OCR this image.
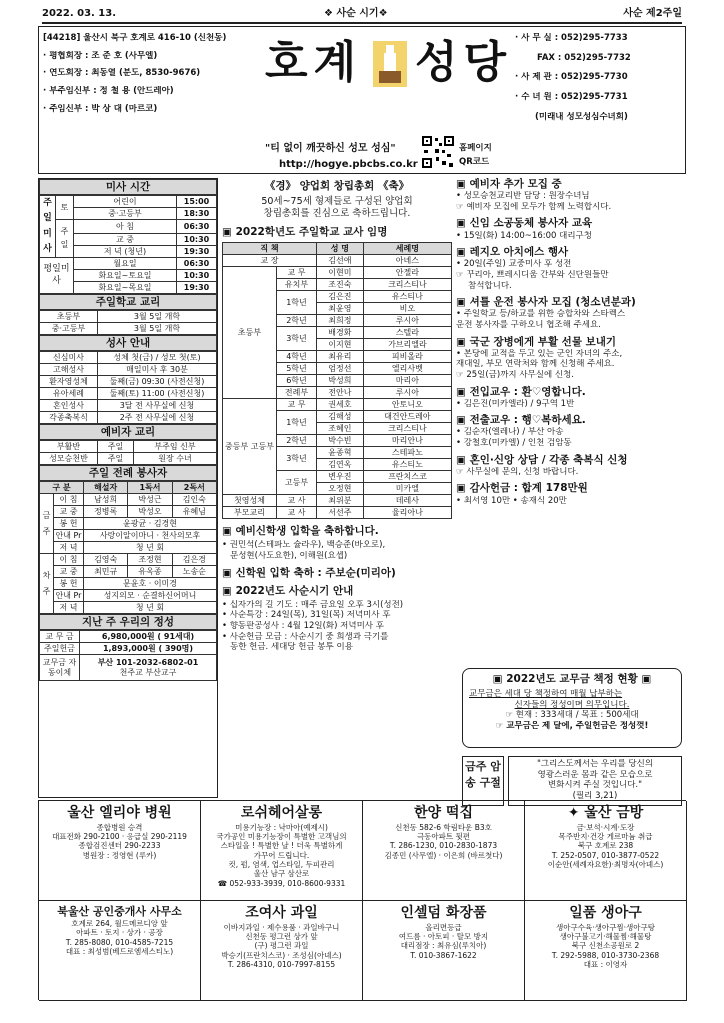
2022. 03. 13.	❖ 사순 시기❖	사순 제2주일
[44218] 울산시 북구 호계로 416-10 (신천동)
· 평협회장 : 조 준 호 (사무엘)
· 연도회장 : 최동열 (분도, 8530-9676)
· 부주임신부 : 정 철 용 (안드레아)
· 주임신부 : 박 상 대 (마르코)
호계 성당
"티 없이 깨끗하신 성모 성심"
http://hogye.pbcbs.co.kr
홈페이지
QR코드
· 사 무 실 : 052)295-7733
FAX : 052)295-7732
· 사 제 관 : 052)295-7730
· 수 녀 원 : 052)295-7731
(미래내 성모성심수녀회)
미사 시간
주일미사	토	어린이	15:00
		중·고등부	18:30
	주일	아 침	06:30
		교 중	10:30
		저 녁 (청년)	19:30
평일미사		월요일	06:30
		화요일~토요일	10:30
		화요일~목요일	19:30
주일학교 교리
초등부	3월 5일 개학
중·고등부	3월 5일 개학
성사 안내
신심미사	성체 첫(금) / 성모 첫(토)
고해성사	매일미사 후 30분
환자영성체	둘째(금) 09:30 (사전신청)
유아세례	둘째(토) 11:00 (사전신청)
혼인성사	3달 전 사무실에 신청
각종축복식	2주 전 사무실에 신청
예비자 교리
부활반	주일	부주임 신부
성모승천반	주일	원장 수녀
주일 전례 봉사자
구 분		해설자	1독서	2독서
금주	이 침	남성희	박성근	김인숙
	교 중	정병록	박성오	유혜님
	봉 헌	윤광균 · 김경현		
	안내 Pr	사랑이알이마니 · 천사의모후		
	저 녁	청 년 회		
차주	이 침	김영숙	조정현	김은경
	교 중	최민규	유옥종	노송순
	봉 헌	문윤호 · 이미경		
	안내 Pr	성지의모 · 순결하신어머니		
	저 녁	청 년 회		
지난 주 우리의 정성
교 무 금	6,980,000원 ( 91세대)
주일헌금	1,893,000원 ( 390명)
교무금 자동이체	부산 101-2032-6802-01
천주교 부산교구
《경》 양업회 창립총회 《축》
50세~75세 형제들로 구성된 양업회
창립총회를 진심으로 축하드립니다.
▣ 2022학년도 주일학교 교사 임명
직 책		성 명	세례명
교 장		김선애	아녜스
초등부	교 무	이현미	안젤라
	유치부	조진숙	크리스티나
	1학년	김은진	유스티나
		최윤영	비오
	2학년	최희정	루시아
	3학년	배경화	스텔라
		이지현	가브리엘라
	4학년	최유리	피비올라
	5학년	엄정선	엘리사벳
	6학년	박성희	마리아
	전례부	전안나	루시아
중등부 고등부	교 무	권세호	안토니오
	1학년	김해성	대건안드레아
		조혜인	크리스티나
	2학년	박수빈	마리안나
	3학년	윤종혁	스테파노
		김연옥	유스티노
	고등부	변우진	프란치스코
		오정현	미카엘
첫영성체	교 사	최위분	데레사
부모교리	교 사	서선주	율리아나
▣ 예비신학생 입학을 축하합니다.
• 권민석(스테파노 슐라우), 백승준(바오로),
문성현(사도요한), 이해원(요셉)
▣ 신학원 입학 축하 : 주보순(미리아)
▣ 2022년도 사순시기 안내
• 십자가의 길 기도 : 매주 금요일 오후 3시(성전)
• 사순특강 : 24일(목), 31일(목) 저녁미사 후
• 향동판공성사 : 4월 12일(화) 저녁미사 후
• 사순헌금 모금 : 사순시기 중 희생과 극기를
동한 헌금. 세대당 헌금 봉투 이용
▣ 예비자 추가 모집 중
• 성모승천교리반 담당 : 원장수녀님
☞ 예비자 모집에 모두가 함께 노력합시다.
▣ 신임 소공동체 봉사자 교육
• 15일(화) 14:00~16:00 대리구청
▣ 레지오 아치에스 행사
• 20일(주일) 교중미사 후 성전
☞ 꾸리아, 쁘레시디움 간부와 신단원들만
참석합니다.
▣ 셔틀 운전 봉사자 모집 (청소년분과)
• 주일학교 등/하교를 위한 승합차와 스타렉스
운전 봉사자를 구하오니 협조해 주세요.
▣ 국군 장병에게 부활 선물 보내기
• 본당에 교적을 두고 있는 군인 자녀의 주소,
재대일, 부모 연락처와 함께 신청해 주세요.
☞ 25일(금)까지 사무실에 신청.
▣ 전입교우 : 환♡영합니다.
• 김은진(미카엘라) / 9구역 1반
▣ 전출교우 : 행♡복하세요.
• 김순자(엘레나) / 부산 아송
• 강철호(미카엘) / 인천 검암동
▣ 혼인·신앙 상담 / 각종 축복식 신청
☞ 사무실에 문의, 신청 바랍니다.
▣ 감사헌금 : 합계 178만원
• 최서영 10만 • 송재식 20만
▣ 2022년도 교무금 책정 현황 ▣
교무금은 세대 당 책정하여 매월 납부하는
신자들의 정성이며 의무입니다.
☞ 현재 : 333세대 / 목표 : 500세대
☞ 교무금은 제 달에, 주일헌금은 정성껏!
금주 암송 구절
"그리스도께서는 우리를 당신의
영광스러운 몸과 같은 모습으로
변화시켜 주실 것입니다."
(필리 3,21)
울산 엘리야 병원
종합병원 승격
대표전화 290-2100 · 응급실 290-2119
종합검진센터 290-2233
병원장 : 정영현 (루카)
로쉬헤어살롱
미용기능장 : 낙마아(예제시)
국가공인 미용기능장이 특별한 고객님의
스타일을 ! 특별한 날 ! 더욱 특별하게
가꾸어 드립니다.
컷, 펌, 염색, 업스타일, 두피관리
울산 남구 삼산로
☎ 052-933-3939, 010-8600-9331
한양 떡집
신천동 582-6 학림타운 B3호
극동아파트 뒷편
T. 286-1230, 010-2830-1873
김종민 (사무엘) · 이은희 (바르첫다)
✦ 울산 금방
금·보석·시계·도장
목주반지·건강 게르마늄 취급
북구 호계로 238
T. 252-0507, 010-3877-0522
이순안(세례자요한)·최명자(아녜스)
북울산 공인중개사 사무소
호계로 264, 월드메르디앙 앞
아파트 · 토지 · 상가 · 공장
T. 285-8080, 010-4585-7215
대표 : 최성범(베드로엠세스티노)
조여사 과일
이바지과일 · 제수용품 · 과일바구니
신천동 평그런 상가 앞
(구) 평그런 과일
박승기(프란치스코) · 조성심(아녜스)
T. 286-4310, 010-7997-8155
인셀덤 화장품
올리면등급
여드름 · 아토피 · 탈모 방지
대리점장 : 최유심(루치아)
T. 010-3867-1622
일품 생아구
생아구수육·생아구찜·생아구탕
생아구불고기·해물찜·해물탕
북구 신천소공원로 2
T. 292-5988, 010-3730-2368
대표 : 이영자
